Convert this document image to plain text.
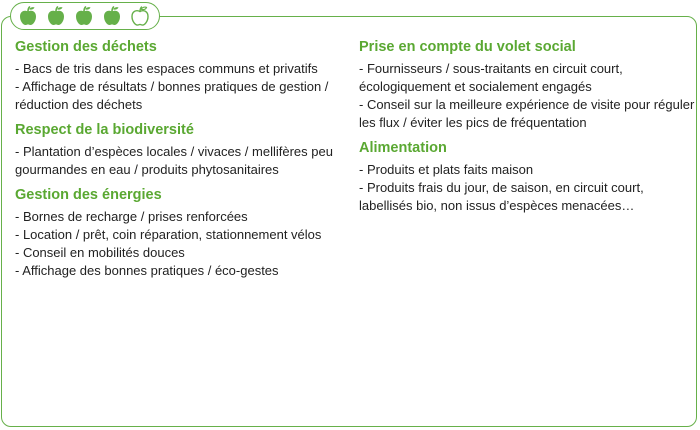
Gestion des déchets
- Bacs de tris dans les espaces communs et privatifs
- Affichage de résultats / bonnes pratiques de gestion / réduction des déchets
Respect de la biodiversité
- Plantation d’espèces locales / vivaces / mellifères peu gourmandes en eau / produits phytosanitaires
Gestion des énergies
- Bornes de recharge / prises renforcées
- Location / prêt, coin réparation, stationnement vélos
- Conseil en mobilités douces
- Affichage des bonnes pratiques / éco-gestes
Prise en compte du volet social
- Fournisseurs / sous-traitants en circuit court, écologiquement et socialement engagés
- Conseil sur la meilleure expérience de visite pour réguler les flux / éviter les pics de fréquentation
Alimentation
- Produits et plats faits maison
- Produits frais du jour, de saison, en circuit court, labellisés bio, non issus d’espèces menacées…
